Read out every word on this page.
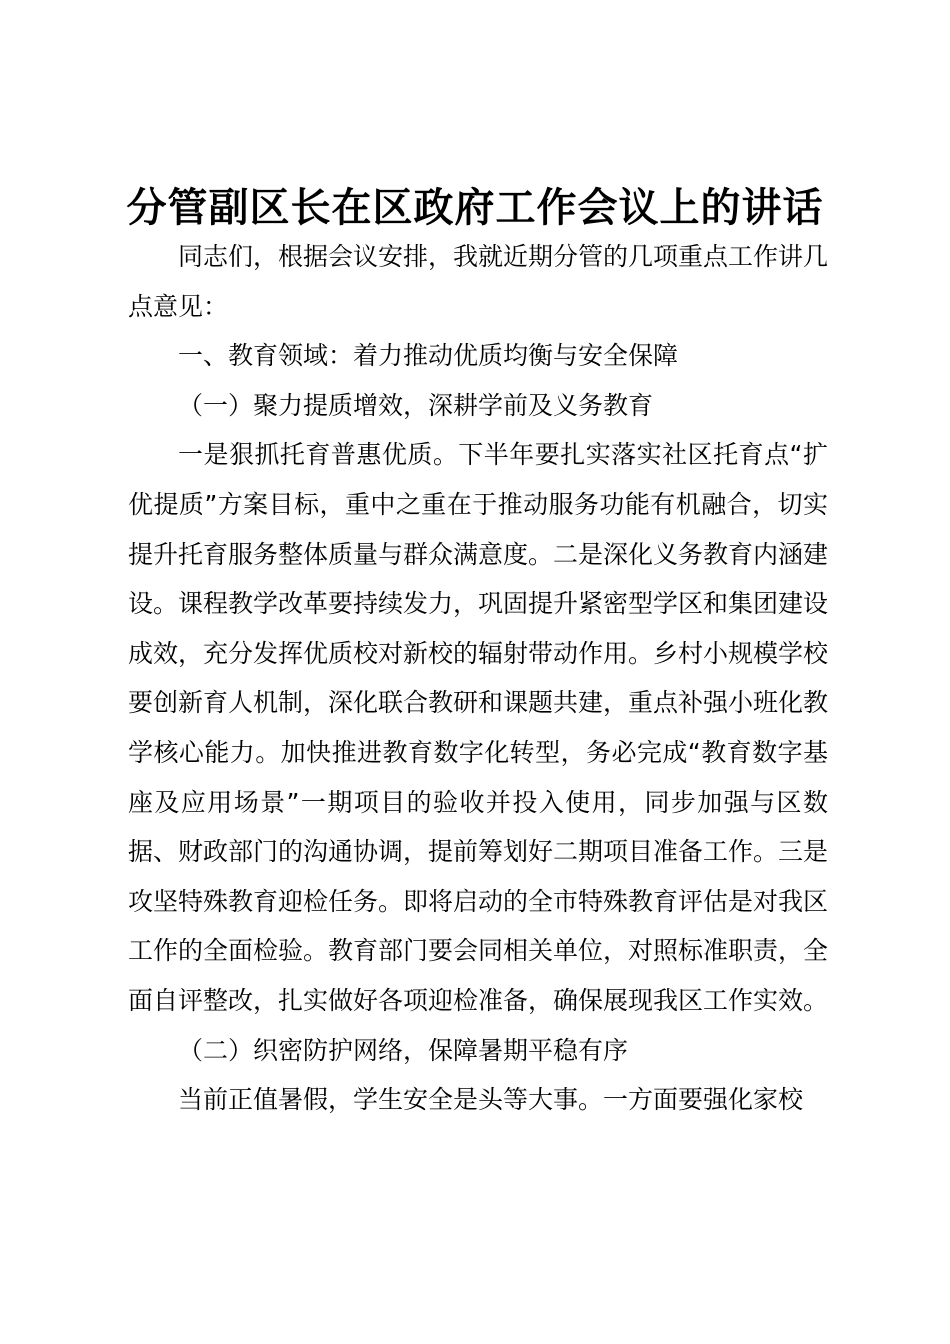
分管副区长在区政府工作会议上的讲话

同志们，根据会议安排，我就近期分管的几项重点工作讲几点意见：

一、教育领域：着力推动优质均衡与安全保障

（一）聚力提质增效，深耕学前及义务教育

一是狠抓托育普惠优质。下半年要扎实落实社区托育点“扩优提质”方案目标，重中之重在于推动服务功能有机融合，切实提升托育服务整体质量与群众满意度。二是深化义务教育内涵建设。课程教学改革要持续发力，巩固提升紧密型学区和集团建设成效，充分发挥优质校对新校的辐射带动作用。乡村小规模学校要创新育人机制，深化联合教研和课题共建，重点补强小班化教学核心能力。加快推进教育数字化转型，务必完成“教育数字基座及应用场景”一期项目的验收并投入使用，同步加强与区数据、财政部门的沟通协调，提前筹划好二期项目准备工作。三是攻坚特殊教育迎检任务。即将启动的全市特殊教育评估是对我区工作的全面检验。教育部门要会同相关单位，对照标准职责，全面自评整改，扎实做好各项迎检准备，确保展现我区工作实效。

（二）织密防护网络，保障暑期平稳有序

当前正值暑假，学生安全是头等大事。一方面要强化家校
